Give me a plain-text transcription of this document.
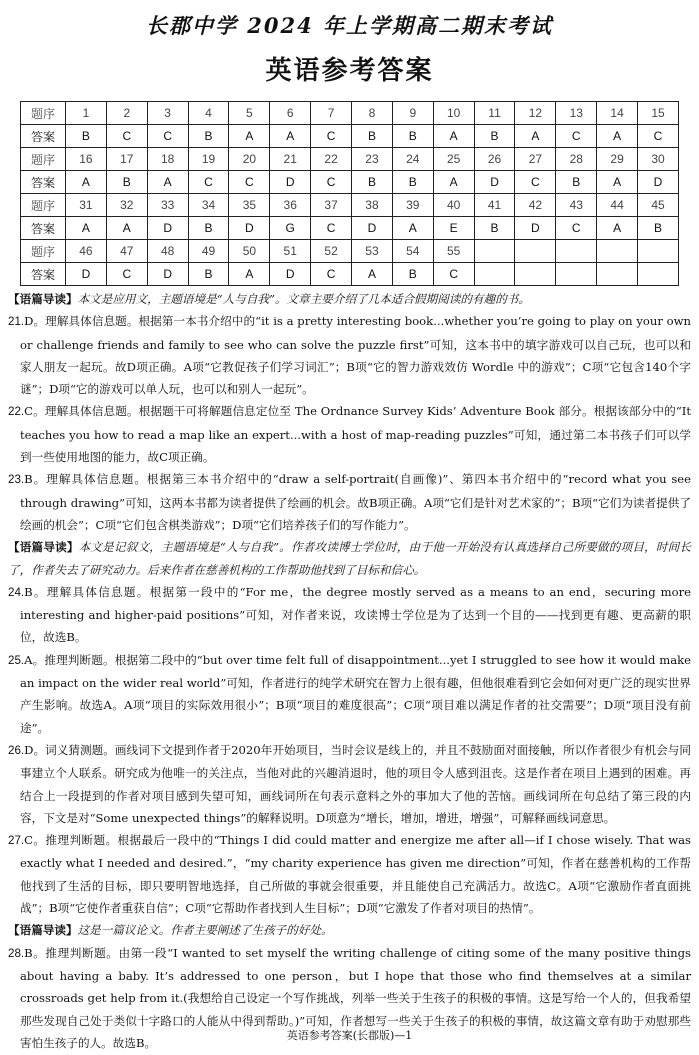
长郡中学 2024 年上学期高二期末考试
英语参考答案
题序	1	2	3	4	5	6	7	8	9	10	11	12	13	14	15
答案	B	C	C	B	A	A	C	B	B	A	B	A	C	A	C
题序	16	17	18	19	20	21	22	23	24	25	26	27	28	29	30
答案	A	B	A	C	C	D	C	B	B	A	D	C	B	A	D
题序	31	32	33	34	35	36	37	38	39	40	41	42	43	44	45
答案	A	A	D	B	D	G	C	D	A	E	B	D	C	A	B
题序	46	47	48	49	50	51	52	53	54	55					
答案	D	C	D	B	A	D	C	A	B	C					

【语篇导读】本文是应用文，主题语境是“人与自我”。文章主要介绍了几本适合假期阅读的有趣的书。

21.D。理解具体信息题。根据第一本书介绍中的“it is a pretty interesting book...whether you’re going to play on your own or challenge friends and family to see who can solve the puzzle first”可知，这本书中的填字游戏可以自己玩，也可以和家人朋友一起玩。故D项正确。A项“它教促孩子们学习词汇”；B项“它的智力游戏效仿 Wordle 中的游戏”；C项“它包含140个字谜”；D项“它的游戏可以单人玩，也可以和别人一起玩”。

22.C。理解具体信息题。根据题干可将解题信息定位至 The Ordnance Survey Kids’ Adventure Book 部分。根据该部分中的“It teaches you how to read a map like an expert...with a host of map-reading puzzles”可知，通过第二本书孩子们可以学到一些使用地图的能力，故C项正确。

23.B。理解具体信息题。根据第三本书介绍中的“draw a self-portrait(自画像)”、第四本书介绍中的“record what you see through drawing”可知，这两本书都为读者提供了绘画的机会。故B项正确。A项“它们是针对艺术家的”；B项“它们为读者提供了绘画的机会”；C项“它们包含棋类游戏”；D项“它们培养孩子们的写作能力”。

【语篇导读】本文是记叙文，主题语境是“人与自我”。作者攻读博士学位时，由于他一开始没有认真选择自己所要做的项目，时间长了，作者失去了研究动力。后来作者在慈善机构的工作帮助他找到了目标和信心。

24.B。理解具体信息题。根据第一段中的“For me，the degree mostly served as a means to an end，securing more interesting and higher-paid positions”可知，对作者来说，攻读博士学位是为了达到一个目的——找到更有趣、更高薪的职位，故选B。

25.A。推理判断题。根据第二段中的“but over time felt full of disappointment...yet I struggled to see how it would make an impact on the wider real world”可知，作者进行的纯学术研究在智力上很有趣，但他很难看到它会如何对更广泛的现实世界产生影响。故选A。A项“项目的实际效用很小”；B项“项目的难度很高”；C项“项目难以满足作者的社交需要”；D项“项目没有前途”。

26.D。词义猜测题。画线词下文提到作者于2020年开始项目，当时会议是线上的，并且不鼓励面对面接触，所以作者很少有机会与同事建立个人联系。研究成为他唯一的关注点，当他对此的兴趣消退时，他的项目令人感到沮丧。这是作者在项目上遇到的困难。再结合上一段提到的作者对项目感到失望可知，画线词所在句表示意料之外的事加大了他的苦恼。画线词所在句总结了第三段的内容，下文是对“Some unexpected things”的解释说明。D项意为“增长，增加，增进，增强”，可解释画线词意思。

27.C。推理判断题。根据最后一段中的“Things I did could matter and energize me after all—if I chose wisely. That was exactly what I needed and desired.”，“my charity experience has given me direction”可知，作者在慈善机构的工作帮他找到了生活的目标，即只要明智地选择，自己所做的事就会很重要，并且能使自己充满活力。故选C。A项“它激励作者直面挑战”；B项“它使作者重获自信”；C项“它帮助作者找到人生目标”；D项“它激发了作者对项目的热情”。

【语篇导读】这是一篇议论文。作者主要阐述了生孩子的好处。

28.B。推理判断题。由第一段“I wanted to set myself the writing challenge of citing some of the many positive things about having a baby. It’s addressed to one person，but I hope that those who find themselves at a similar crossroads get help from it.(我想给自己设定一个写作挑战，列举一些关于生孩子的积极的事情。这是写给一个人的，但我希望那些发现自己处于类似十字路口的人能从中得到帮助。)”可知，作者想写一些关于生孩子的积极的事情，故这篇文章有助于劝慰那些害怕生孩子的人。故选B。

英语参考答案(长郡版)—1
